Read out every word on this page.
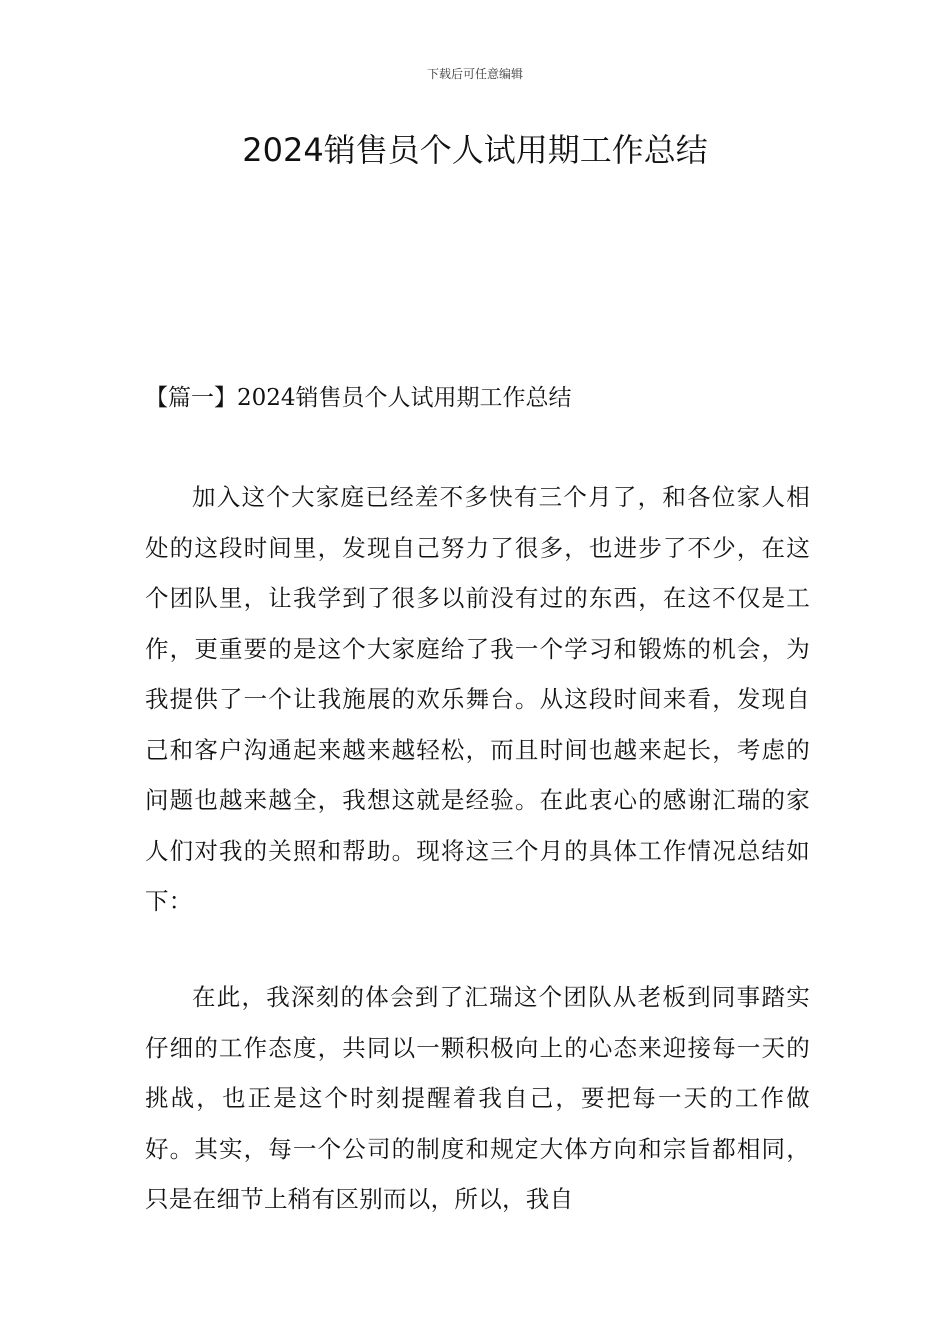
下载后可任意编辑
2024销售员个人试用期工作总结
【篇一】2024销售员个人试用期工作总结

加入这个大家庭已经差不多快有三个月了，和各位家人相处的这段时间里，发现自己努力了很多，也进步了不少，在这个团队里，让我学到了很多以前没有过的东西，在这不仅是工作，更重要的是这个大家庭给了我一个学习和锻炼的机会，为我提供了一个让我施展的欢乐舞台。从这段时间来看，发现自己和客户沟通起来越来越轻松，而且时间也越来起长，考虑的问题也越来越全，我想这就是经验。在此衷心的感谢汇瑞的家人们对我的关照和帮助。现将这三个月的具体工作情况总结如下：

在此，我深刻的体会到了汇瑞这个团队从老板到同事踏实仔细的工作态度，共同以一颗积极向上的心态来迎接每一天的挑战，也正是这个时刻提醒着我自己，要把每一天的工作做好。其实，每一个公司的制度和规定大体方向和宗旨都相同，只是在细节上稍有区别而以，所以，我自
